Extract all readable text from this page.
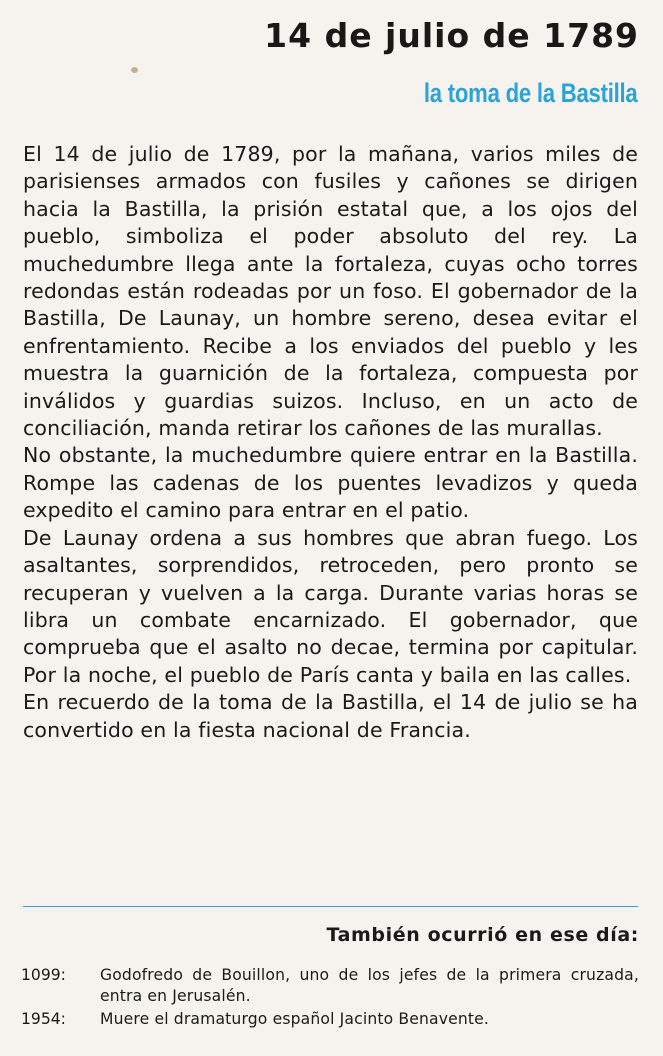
14 de julio de 1789
la toma de la Bastilla

El 14 de julio de 1789, por la mañana, varios miles de parisienses armados con fusiles y cañones se dirigen hacia la Bastilla, la prisión estatal que, a los ojos del pueblo, simboliza el poder absoluto del rey. La muchedumbre llega ante la fortaleza, cuyas ocho torres redondas están rodeadas por un foso. El gobernador de la Bastilla, De Launay, un hombre sereno, desea evitar el enfrentamiento. Recibe a los enviados del pueblo y les muestra la guarnición de la fortaleza, compuesta por inválidos y guardias suizos. Incluso, en un acto de conciliación, manda retirar los cañones de las murallas.

No obstante, la muchedumbre quiere entrar en la Bastilla. Rompe las cadenas de los puentes levadizos y queda expedito el camino para entrar en el patio.

De Launay ordena a sus hombres que abran fuego. Los asaltantes, sorprendidos, retroceden, pero pronto se recuperan y vuelven a la carga. Durante varias horas se libra un combate encarnizado. El gobernador, que comprueba que el asalto no decae, termina por capitular. Por la noche, el pueblo de París canta y baila en las calles.

En recuerdo de la toma de la Bastilla, el 14 de julio se ha convertido en la fiesta nacional de Francia.

También ocurrió en ese día:
1099:	Godofredo de Bouillon, uno de los jefes de la primera cruzada, entra en Jerusalén.
1954:	Muere el dramaturgo español Jacinto Benavente.
